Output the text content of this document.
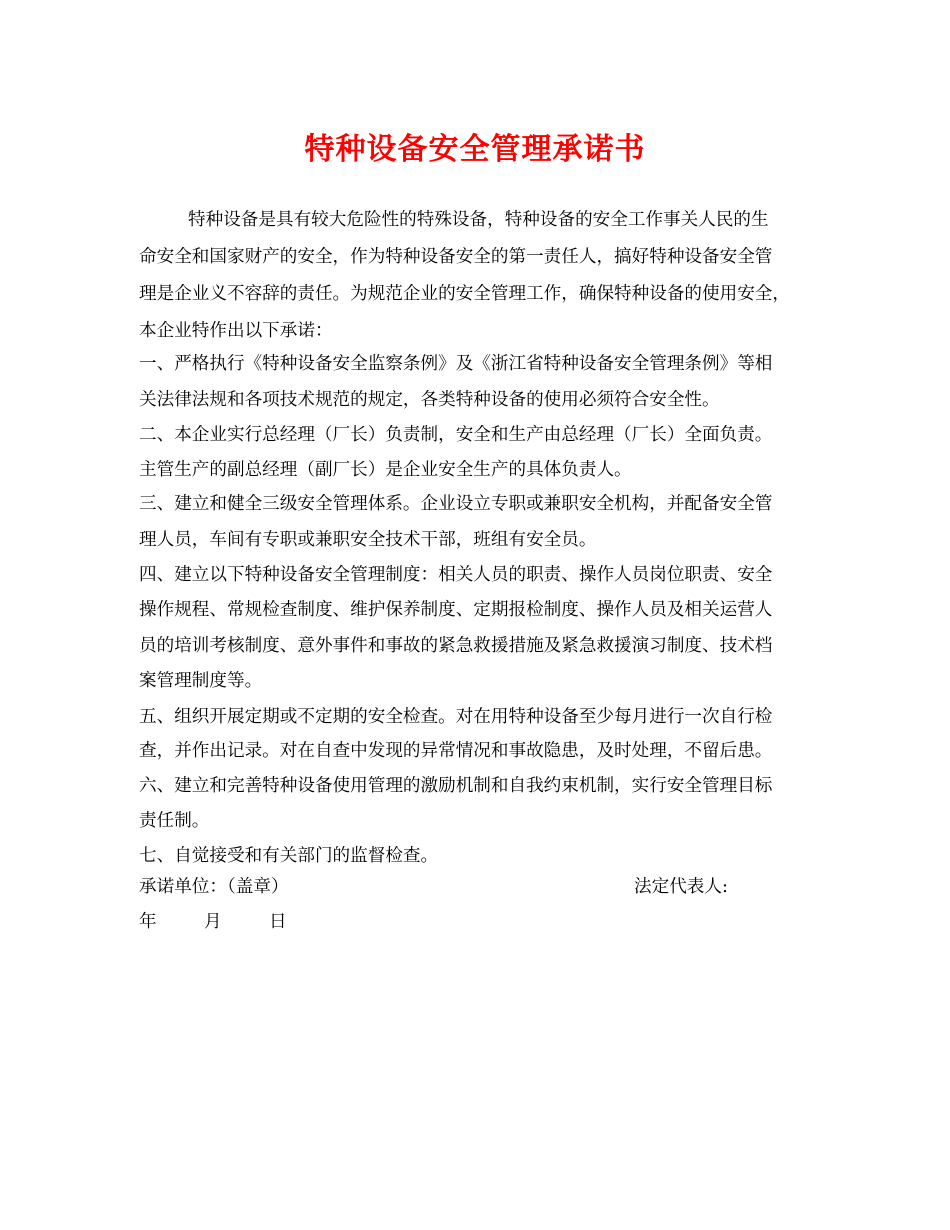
特种设备安全管理承诺书
特种设备是具有较大危险性的特殊设备，特种设备的安全工作事关人民的生
命安全和国家财产的安全，作为特种设备安全的第一责任人，搞好特种设备安全管
理是企业义不容辞的责任。为规范企业的安全管理工作，确保特种设备的使用安全，
本企业特作出以下承诺：
一、严格执行《特种设备安全监察条例》及《浙江省特种设备安全管理条例》等相
关法律法规和各项技术规范的规定，各类特种设备的使用必须符合安全性。
二、本企业实行总经理（厂长）负责制，安全和生产由总经理（厂长）全面负责。
主管生产的副总经理（副厂长）是企业安全生产的具体负责人。
三、建立和健全三级安全管理体系。企业设立专职或兼职安全机构，并配备安全管
理人员，车间有专职或兼职安全技术干部，班组有安全员。
四、建立以下特种设备安全管理制度：相关人员的职责、操作人员岗位职责、安全
操作规程、常规检查制度、维护保养制度、定期报检制度、操作人员及相关运营人
员的培训考核制度、意外事件和事故的紧急救援措施及紧急救援演习制度、技术档
案管理制度等。
五、组织开展定期或不定期的安全检查。对在用特种设备至少每月进行一次自行检
查，并作出记录。对在自查中发现的异常情况和事故隐患，及时处理，不留后患。
六、建立和完善特种设备使用管理的激励机制和自我约束机制，实行安全管理目标
责任制。
七、自觉接受和有关部门的监督检查。
承诺单位：（盖章）	法定代表人:
年	月	日
